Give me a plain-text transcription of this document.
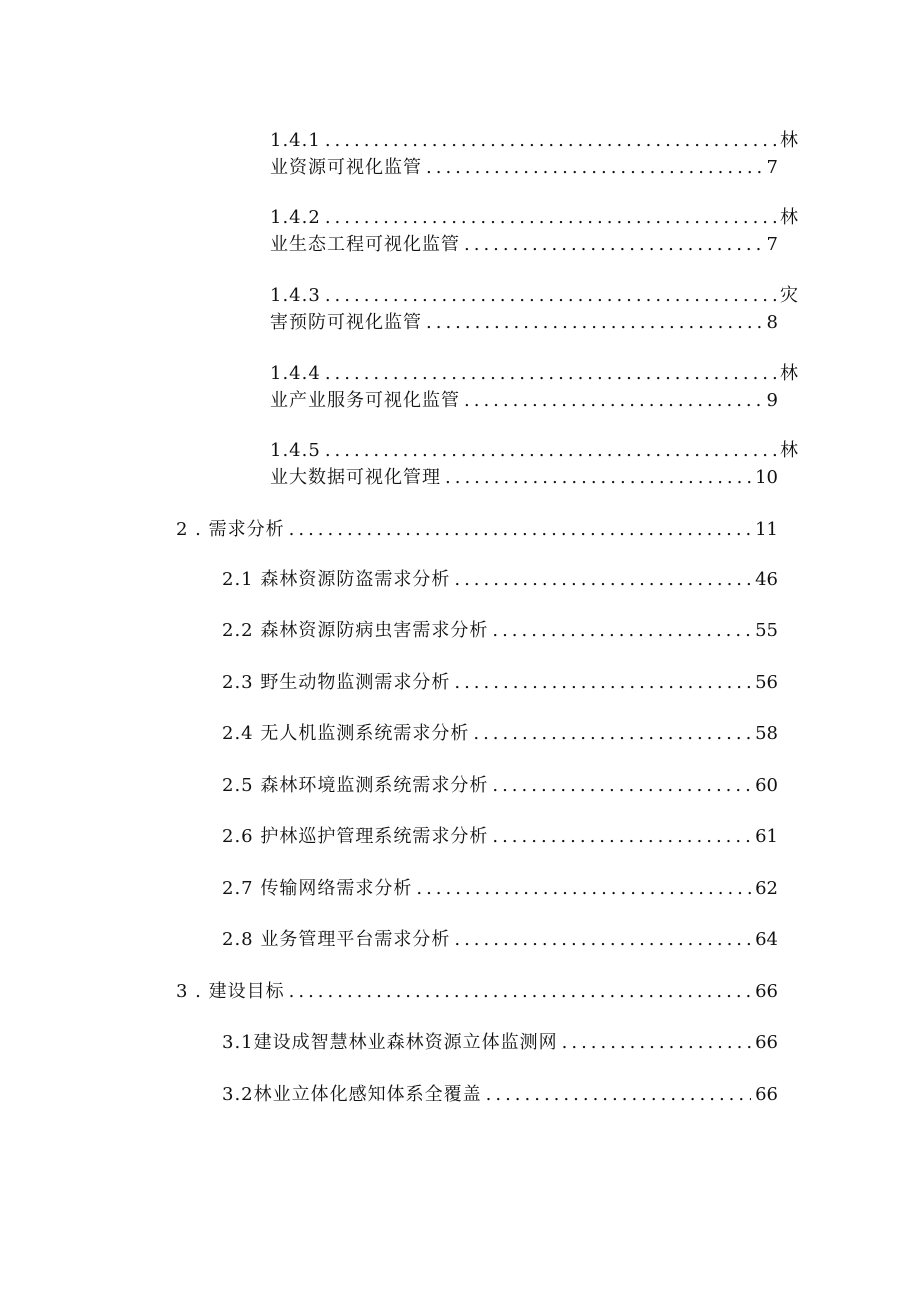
1.4.1 .....	林
业资源可视化监管 .....	7
1.4.2 .....	林
业生态工程可视化监管 .....	7
1.4.3 .....	灾
害预防可视化监管 .....	8
1.4.4 .....	林
业产业服务可视化监管 .....	9
1.4.5 .....	林
业大数据可视化管理 .....	10
2 . 需求分析 .....	11
2.1 森林资源防盗需求分析 .....	46
2.2 森林资源防病虫害需求分析 .....	55
2.3 野生动物监测需求分析 .....	56
2.4 无人机监测系统需求分析 .....	58
2.5 森林环境监测系统需求分析 .....	60
2.6 护林巡护管理系统需求分析 .....	61
2.7 传输网络需求分析 .....	62
2.8 业务管理平台需求分析 .....	64
3 . 建设目标 .....	66
3.1建设成智慧林业森林资源立体监测网 .....	66
3.2林业立体化感知体系全覆盖 .....	66
